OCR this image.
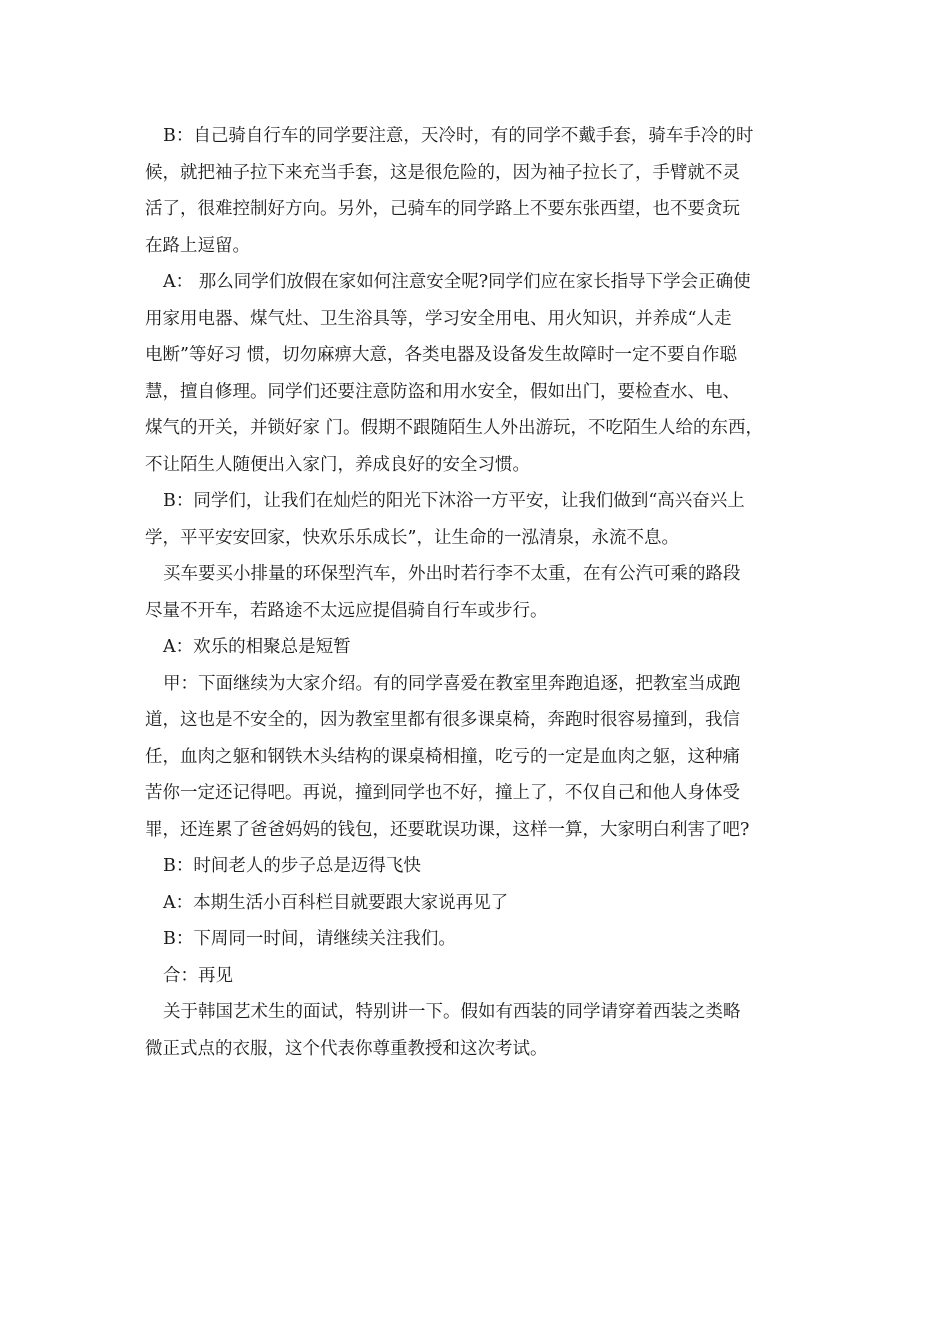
B：自己骑自行车的同学要注意，天冷时，有的同学不戴手套，骑车手冷的时
候，就把袖子拉下来充当手套，这是很危险的，因为袖子拉长了，手臂就不灵
活了，很难控制好方向。另外，己骑车的同学路上不要东张西望，也不要贪玩
在路上逗留。
A： 那么同学们放假在家如何注意安全呢?同学们应在家长指导下学会正确使
用家用电器、煤气灶、卫生浴具等，学习安全用电、用火知识，并养成“人走
电断”等好习 惯，切勿麻痹大意，各类电器及设备发生故障时一定不要自作聪
慧，擅自修理。同学们还要注意防盗和用水安全，假如出门，要检查水、电、
煤气的开关，并锁好家 门。假期不跟随陌生人外出游玩，不吃陌生人给的东西，
不让陌生人随便出入家门，养成良好的安全习惯。
B：同学们，让我们在灿烂的阳光下沐浴一方平安，让我们做到“高兴奋兴上
学，平平安安回家，快欢乐乐成长”，让生命的一泓清泉，永流不息。
买车要买小排量的环保型汽车，外出时若行李不太重，在有公汽可乘的路段
尽量不开车，若路途不太远应提倡骑自行车或步行。
A：欢乐的相聚总是短暂
甲：下面继续为大家介绍。有的同学喜爱在教室里奔跑追逐，把教室当成跑
道，这也是不安全的，因为教室里都有很多课桌椅，奔跑时很容易撞到，我信
任，血肉之躯和钢铁木头结构的课桌椅相撞，吃亏的一定是血肉之躯，这种痛
苦你一定还记得吧。再说，撞到同学也不好，撞上了，不仅自己和他人身体受
罪，还连累了爸爸妈妈的钱包，还要耽误功课，这样一算，大家明白利害了吧?
B：时间老人的步子总是迈得飞快
A：本期生活小百科栏目就要跟大家说再见了
B：下周同一时间，请继续关注我们。
合：再见
关于韩国艺术生的面试，特别讲一下。假如有西装的同学请穿着西装之类略
微正式点的衣服，这个代表你尊重教授和这次考试。
